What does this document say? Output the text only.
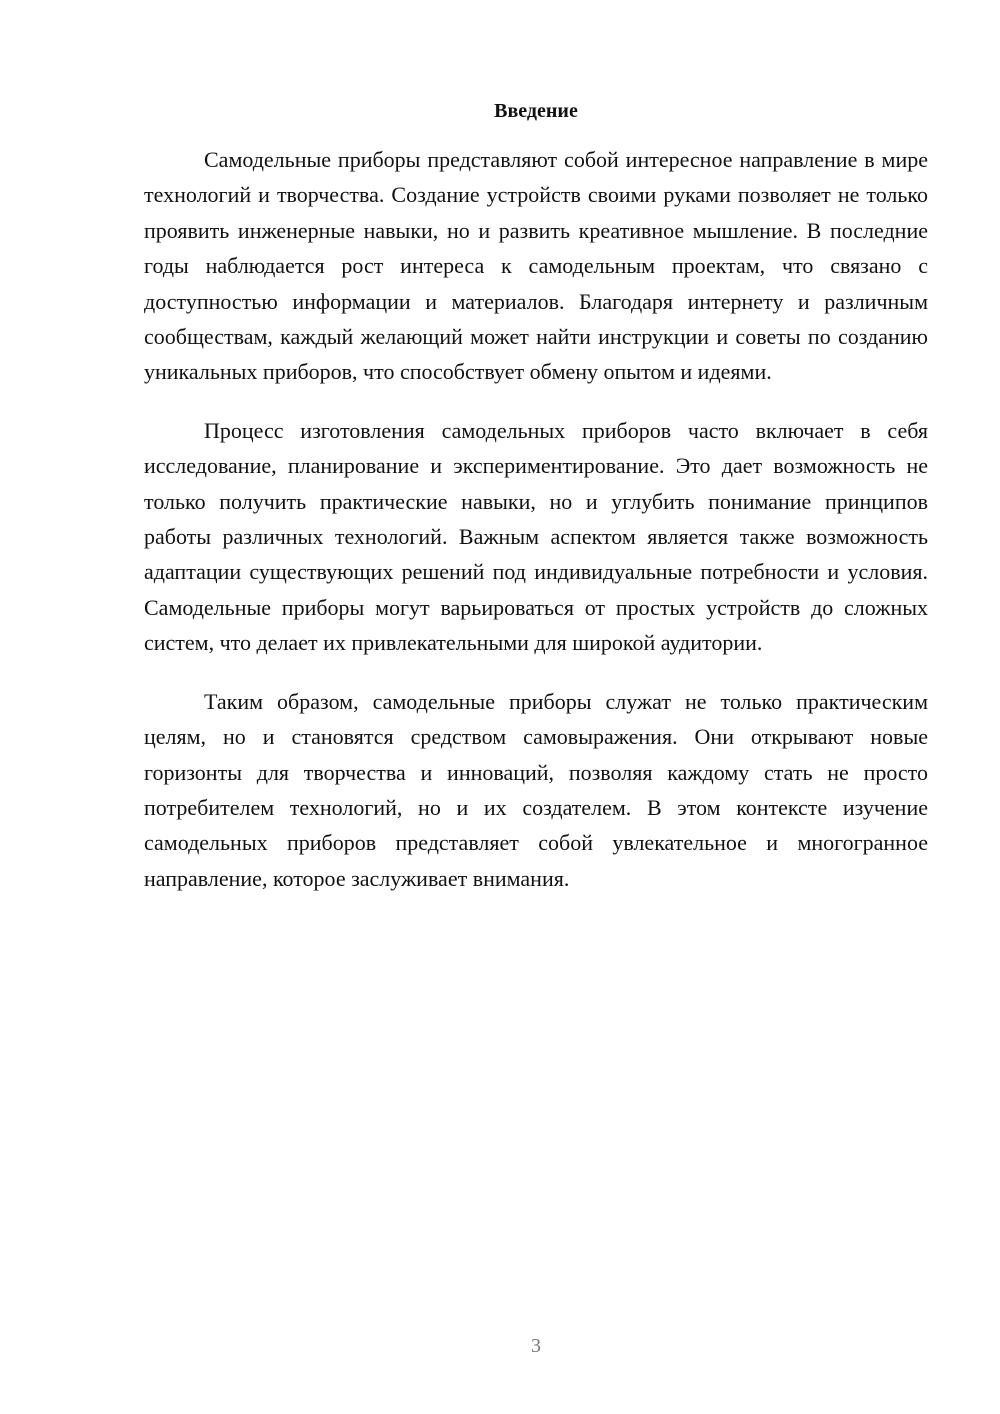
Введение

Самодельные приборы представляют собой интересное направление в мире технологий и творчества. Создание устройств своими руками позволяет не только проявить инженерные навыки, но и развить креативное мышление. В последние годы наблюдается рост интереса к самодельным проектам, что связано с доступностью информации и материалов. Благодаря интернету и различным сообществам, каждый желающий может найти инструкции и советы по созданию уникальных приборов, что способствует обмену опытом и идеями.

Процесс изготовления самодельных приборов часто включает в себя исследование, планирование и экспериментирование. Это дает возможность не только получить практические навыки, но и углубить понимание принципов работы различных технологий. Важным аспектом является также возможность адаптации существующих решений под индивидуальные потребности и условия. Самодельные приборы могут варьироваться от простых устройств до сложных систем, что делает их привлекательными для широкой аудитории.

Таким образом, самодельные приборы служат не только практическим целям, но и становятся средством самовыражения. Они открывают новые горизонты для творчества и инноваций, позволяя каждому стать не просто потребителем технологий, но и их создателем. В этом контексте изучение самодельных приборов представляет собой увлекательное и многогранное направление, которое заслуживает внимания.

3
